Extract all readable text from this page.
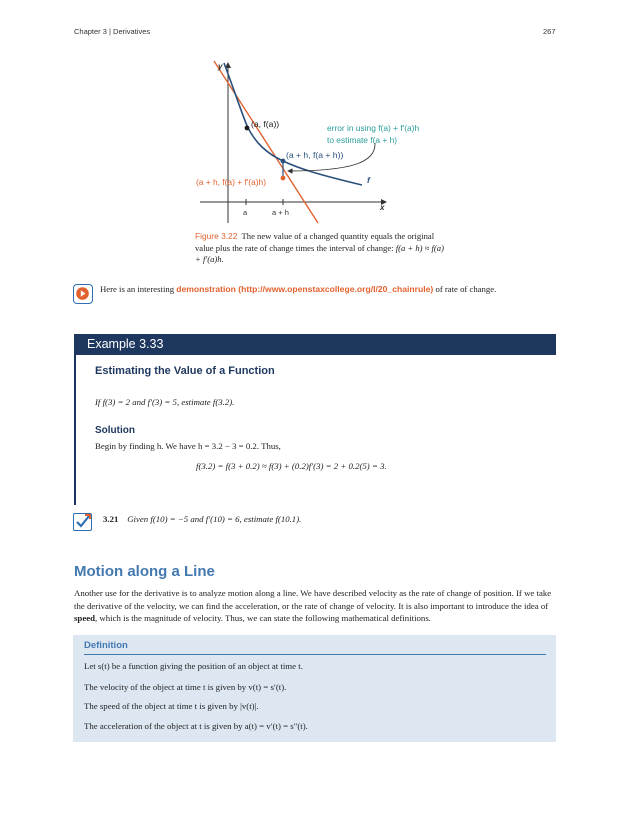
Chapter 3 | Derivatives	267
y
x
(a, f(a))	error in using f(a) + f′(a)h
to estimate f(a + h)
(a + h, f(a + h))
(a + h, f(a) + f′(a)h)	f
a	a + h
Figure 3.22 The new value of a changed quantity equals the original value plus the rate of change times the interval of change: f(a + h) ≈ f(a) + f′(a)h.
Here is an interesting demonstration (http://www.openstaxcollege.org/l/20_chainrule) of rate of change.
Example 3.33
Estimating the Value of a Function
If f(3) = 2 and f′(3) = 5, estimate f(3.2).
Solution
Begin by finding h. We have h = 3.2 − 3 = 0.2. Thus,
f(3.2) = f(3 + 0.2) ≈ f(3) + (0.2)f′(3) = 2 + 0.2(5) = 3.
3.21 Given f(10) = −5 and f′(10) = 6, estimate f(10.1).
Motion along a Line
Another use for the derivative is to analyze motion along a line. We have described velocity as the rate of change of position. If we take the derivative of the velocity, we can find the acceleration, or the rate of change of velocity. It is also important to introduce the idea of speed, which is the magnitude of velocity. Thus, we can state the following mathematical definitions.
Definition
Let s(t) be a function giving the position of an object at time t.
The velocity of the object at time t is given by v(t) = s′(t).
The speed of the object at time t is given by |v(t)|.
The acceleration of the object at t is given by a(t) = v′(t) = s″(t).
